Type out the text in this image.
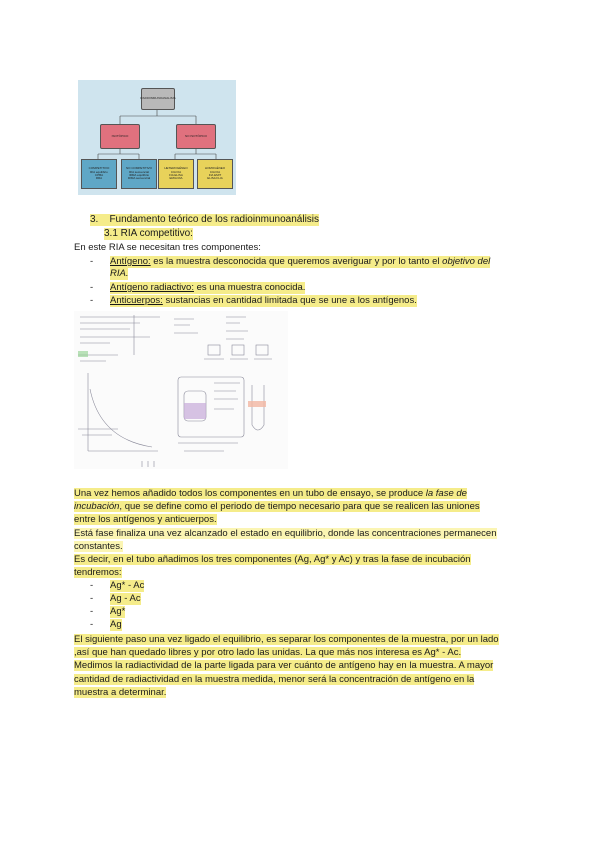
RADIOINMUNOANALISIS
ISOTÓPICO	NO ISOTÓPICO
COMPETITIVO
RIA equilibrio
CPBA
RRA
NO COMPETITIVO
RIA secuencial
IRMA equilibrio
IRMA secuencial
HETEROGÉNEO
CIA FIA
FIA ELISA
EMIA RIA
HOMOGÉNEO
CIA FIA
FIA EMIT
ELISA FLIA
3.    Fundamento teórico de los radioinmunoanálisis
3.1 RIA competitivo:
En este RIA se necesitan tres componentes:
- Antígeno: es la muestra desconocida que queremos averiguar y por lo tanto el objetivo del
RIA.
- Antígeno radiactivo: es una muestra conocida.
- Anticuerpos: sustancias en cantidad limitada que se une a los antígenos.
Una vez hemos añadido todos los componentes en un tubo de ensayo, se produce la fase de
incubación, que se define como el periodo de tiempo necesario para que se realicen las uniones
entre los antígenos y anticuerpos.
Está fase finaliza una vez alcanzado el estado en equilibrio, donde las concentraciones permanecen
constantes.
Es decir, en el tubo añadimos los tres componentes (Ag, Ag* y Ac) y tras la fase de incubación
tendremos:
- Ag* - Ac
- Ag - Ac
- Ag*
- Ag
El siguiente paso una vez ligado el equilibrio, es separar los componentes de la muestra, por un lado
,así que han quedado libres y por otro lado las unidas. La que más nos interesa es Ag* - Ac.
Medimos la radiactividad de la parte ligada para ver cuánto de antígeno hay en la muestra. A mayor
cantidad de radiactividad en la muestra medida, menor será la concentración de antígeno en la
muestra a determinar.
